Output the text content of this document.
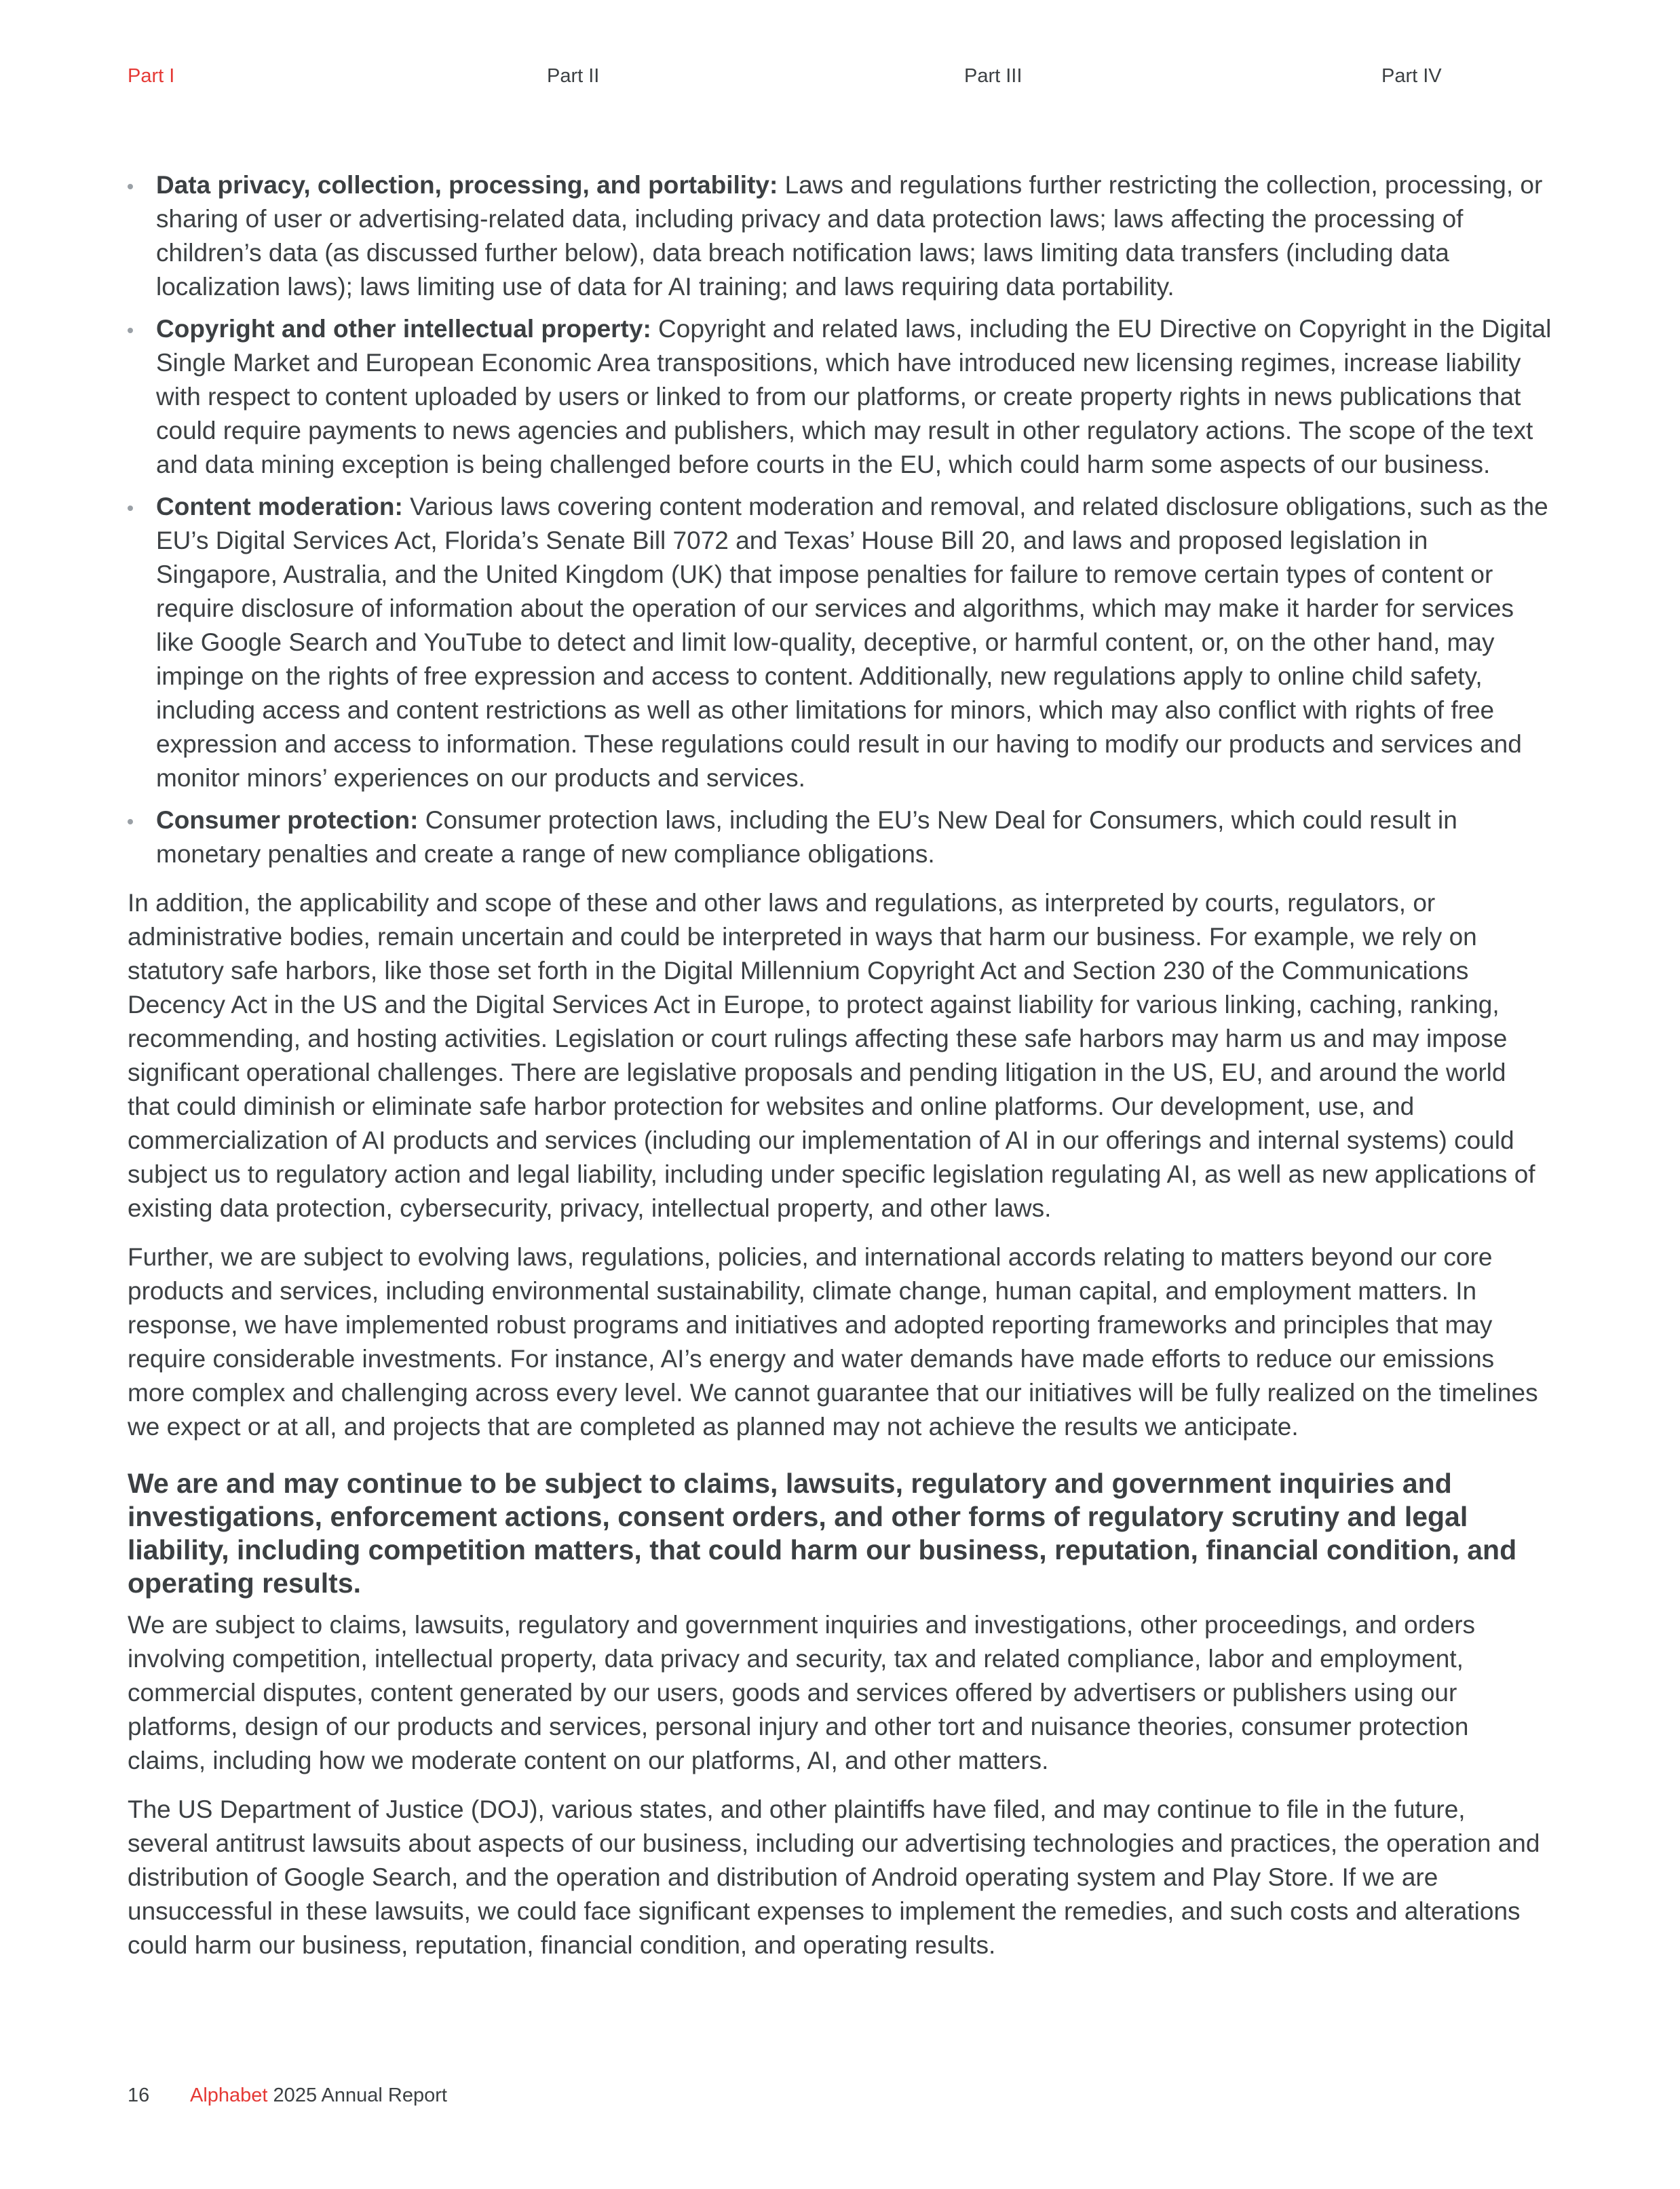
Part I	Part II	Part III	Part IV
Data privacy, collection, processing, and portability: Laws and regulations further restricting the collection, processing, or sharing of user or advertising-related data, including privacy and data protection laws; laws affecting the processing of children’s data (as discussed further below), data breach notification laws; laws limiting data transfers (including data localization laws); laws limiting use of data for AI training; and laws requiring data portability.
Copyright and other intellectual property: Copyright and related laws, including the EU Directive on Copyright in the Digital Single Market and European Economic Area transpositions, which have introduced new licensing regimes, increase liability with respect to content uploaded by users or linked to from our platforms, or create property rights in news publications that could require payments to news agencies and publishers, which may result in other regulatory actions. The scope of the text and data mining exception is being challenged before courts in the EU, which could harm some aspects of our business.
Content moderation: Various laws covering content moderation and removal, and related disclosure obligations, such as the EU’s Digital Services Act, Florida’s Senate Bill 7072 and Texas’ House Bill 20, and laws and proposed legislation in Singapore, Australia, and the United Kingdom (UK) that impose penalties for failure to remove certain types of content or require disclosure of information about the operation of our services and algorithms, which may make it harder for services like Google Search and YouTube to detect and limit low-quality, deceptive, or harmful content, or, on the other hand, may impinge on the rights of free expression and access to content. Additionally, new regulations apply to online child safety, including access and content restrictions as well as other limitations for minors, which may also conflict with rights of free expression and access to information. These regulations could result in our having to modify our products and services and monitor minors’ experiences on our products and services.
Consumer protection: Consumer protection laws, including the EU’s New Deal for Consumers, which could result in monetary penalties and create a range of new compliance obligations.

In addition, the applicability and scope of these and other laws and regulations, as interpreted by courts, regulators, or administrative bodies, remain uncertain and could be interpreted in ways that harm our business. For example, we rely on statutory safe harbors, like those set forth in the Digital Millennium Copyright Act and Section 230 of the Communications Decency Act in the US and the Digital Services Act in Europe, to protect against liability for various linking, caching, ranking, recommending, and hosting activities. Legislation or court rulings affecting these safe harbors may harm us and may impose significant operational challenges. There are legislative proposals and pending litigation in the US, EU, and around the world that could diminish or eliminate safe harbor protection for websites and online platforms. Our development, use, and commercialization of AI products and services (including our implementation of AI in our offerings and internal systems) could subject us to regulatory action and legal liability, including under specific legislation regulating AI, as well as new applications of existing data protection, cybersecurity, privacy, intellectual property, and other laws.

Further, we are subject to evolving laws, regulations, policies, and international accords relating to matters beyond our core products and services, including environmental sustainability, climate change, human capital, and employment matters. In response, we have implemented robust programs and initiatives and adopted reporting frameworks and principles that may require considerable investments. For instance, AI’s energy and water demands have made efforts to reduce our emissions more complex and challenging across every level. We cannot guarantee that our initiatives will be fully realized on the timelines we expect or at all, and projects that are completed as planned may not achieve the results we anticipate.

We are and may continue to be subject to claims, lawsuits, regulatory and government inquiries and investigations, enforcement actions, consent orders, and other forms of regulatory scrutiny and legal liability, including competition matters, that could harm our business, reputation, financial condition, and operating results.

We are subject to claims, lawsuits, regulatory and government inquiries and investigations, other proceedings, and orders involving competition, intellectual property, data privacy and security, tax and related compliance, labor and employment, commercial disputes, content generated by our users, goods and services offered by advertisers or publishers using our platforms, design of our products and services, personal injury and other tort and nuisance theories, consumer protection claims, including how we moderate content on our platforms, AI, and other matters.

The US Department of Justice (DOJ), various states, and other plaintiffs have filed, and may continue to file in the future, several antitrust lawsuits about aspects of our business, including our advertising technologies and practices, the operation and distribution of Google Search, and the operation and distribution of Android operating system and Play Store. If we are unsuccessful in these lawsuits, we could face significant expenses to implement the remedies, and such costs and alterations could harm our business, reputation, financial condition, and operating results.

16 Alphabet 2025 Annual Report
